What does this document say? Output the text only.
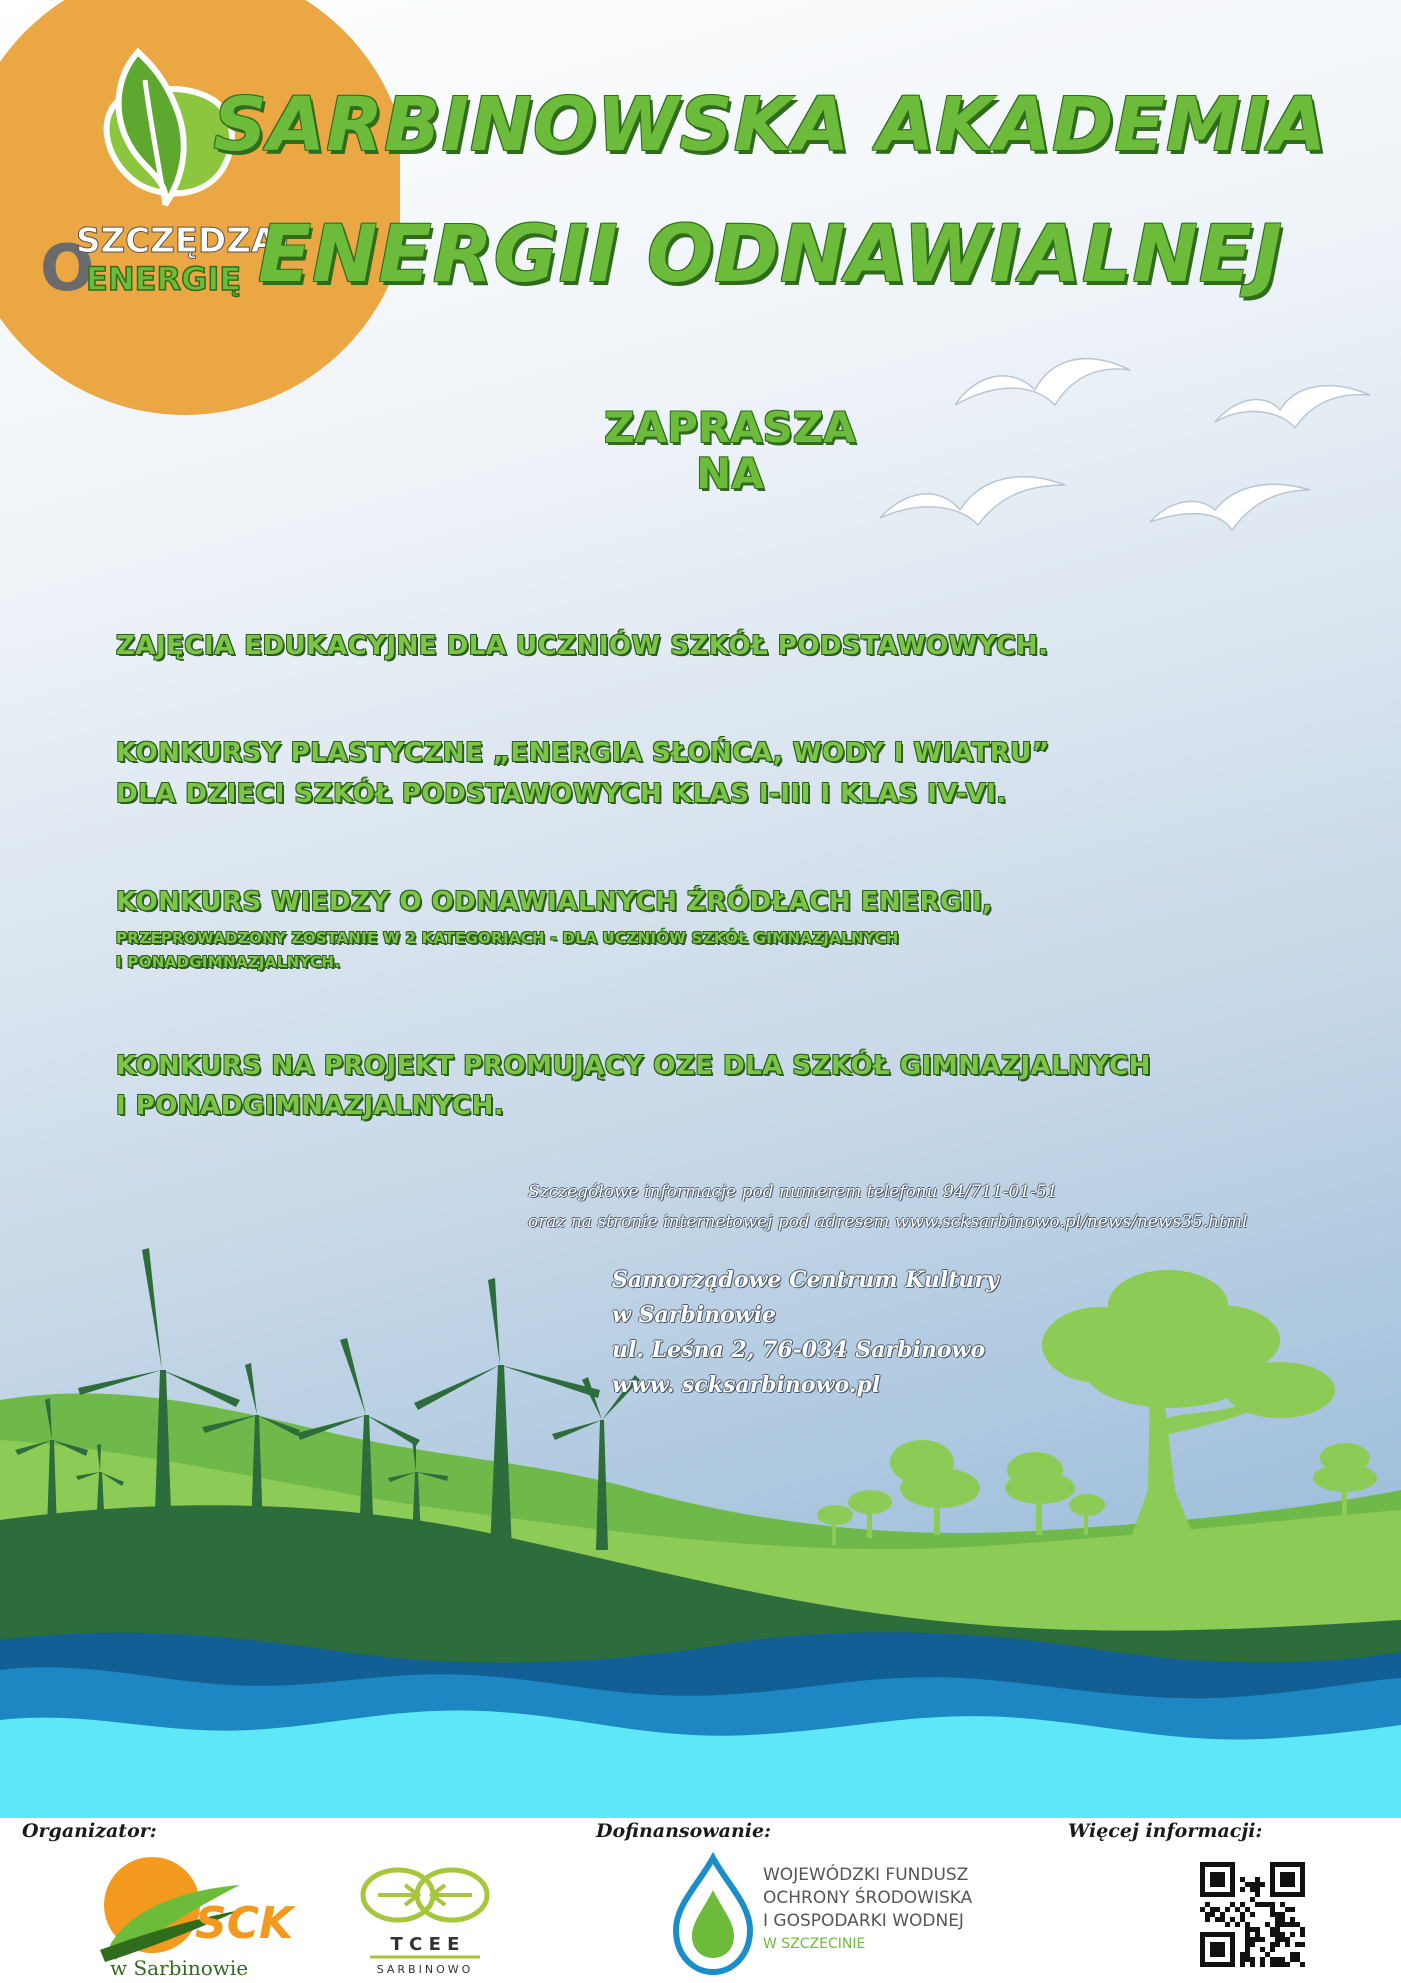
O
SZCZĘDZAJ
ENERGIĘ
SARBINOWSKA AKADEMIA
ENERGII ODNAWIALNEJ

ZAPRASZA

NA

ZAJĘCIA EDUKACYJNE DLA UCZNIÓW SZKÓŁ PODSTAWOWYCH.

KONKURSY PLASTYCZNE „ENERGIA SŁOŃCA, WODY I WIATRU”

DLA DZIECI SZKÓŁ PODSTAWOWYCH KLAS I-III I KLAS IV-VI.

KONKURS WIEDZY O ODNAWIALNYCH ŹRÓDŁACH ENERGII,

PRZEPROWADZONY ZOSTANIE W 2 KATEGORIACH - DLA UCZNIÓW SZKÓŁ GIMNAZJALNYCH

I PONADGIMNAZJALNYCH.

KONKURS NA PROJEKT PROMUJĄCY OZE DLA SZKÓŁ GIMNAZJALNYCH

I PONADGIMNAZJALNYCH.

Szczegółowe informacje pod numerem telefonu 94/711-01-51

oraz na stronie internetowej pod adresem www.scksarbinowo.pl/news/news35.html

Samorządowe Centrum Kultury
w Sarbinowie
ul. Leśna 2, 76-034 Sarbinowo
www. scksarbinowo.pl

Organizator:	Dofinansowanie:	Więcej informacji:

SCK
w Sarbinowie
T C E E
SARBINOWO
WOJEWÓDZKI FUNDUSZ
OCHRONY ŚRODOWISKA
I GOSPODARKI WODNEJ
W SZCZECINIE
